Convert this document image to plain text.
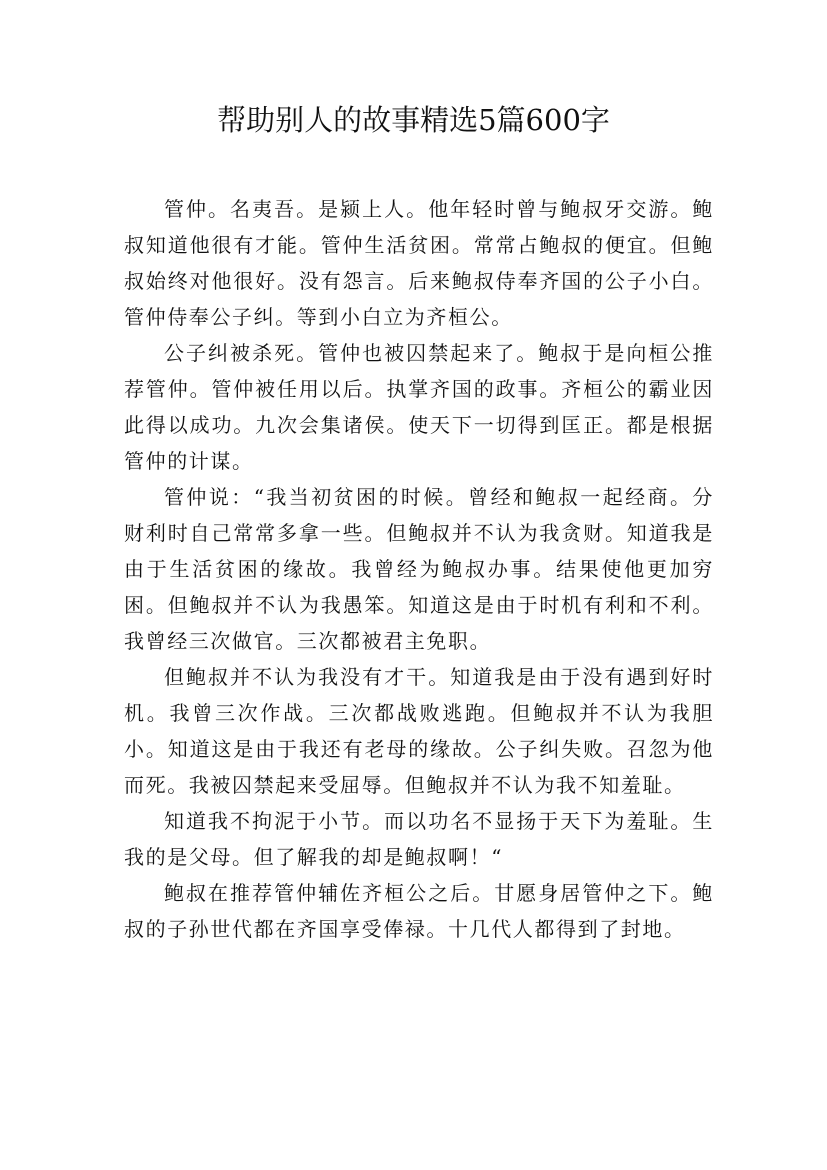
帮助别人的故事精选5篇600字

管仲。名夷吾。是颍上人。他年轻时曾与鲍叔牙交游。鲍叔知道他很有才能。管仲生活贫困。常常占鲍叔的便宜。但鲍叔始终对他很好。没有怨言。后来鲍叔侍奉齐国的公子小白。管仲侍奉公子纠。等到小白立为齐桓公。

公子纠被杀死。管仲也被囚禁起来了。鲍叔于是向桓公推荐管仲。管仲被任用以后。执掌齐国的政事。齐桓公的霸业因此得以成功。九次会集诸侯。使天下一切得到匡正。都是根据管仲的计谋。

管仲说：“我当初贫困的时候。曾经和鲍叔一起经商。分财利时自己常常多拿一些。但鲍叔并不认为我贪财。知道我是由于生活贫困的缘故。我曾经为鲍叔办事。结果使他更加穷困。但鲍叔并不认为我愚笨。知道这是由于时机有利和不利。我曾经三次做官。三次都被君主免职。

但鲍叔并不认为我没有才干。知道我是由于没有遇到好时机。我曾三次作战。三次都战败逃跑。但鲍叔并不认为我胆小。知道这是由于我还有老母的缘故。公子纠失败。召忽为他而死。我被囚禁起来受屈辱。但鲍叔并不认为我不知羞耻。

知道我不拘泥于小节。而以功名不显扬于天下为羞耻。生我的是父母。但了解我的却是鲍叔啊！“

鲍叔在推荐管仲辅佐齐桓公之后。甘愿身居管仲之下。鲍叔的子孙世代都在齐国享受俸禄。十几代人都得到了封地。
